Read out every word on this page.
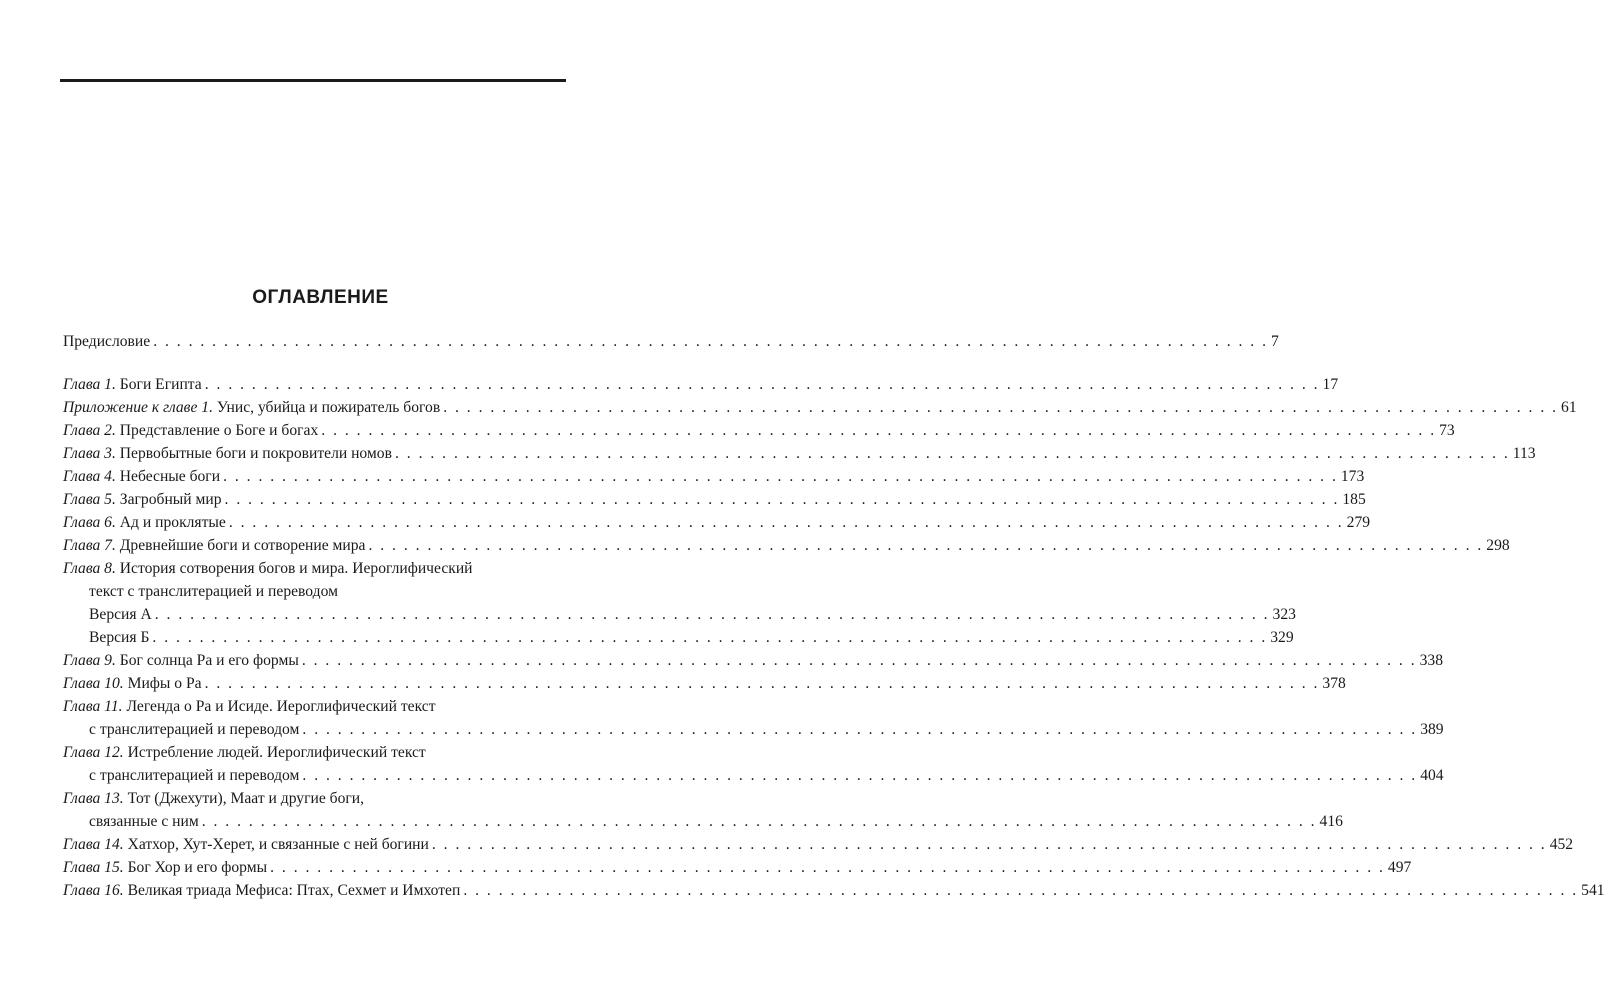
ОГЛАВЛЕНИЕ
Предисловие . . .	7
Глава 1. Боги Египта . . .	17
Приложение к главе 1. Унис, убийца и пожиратель богов . . .	61
Глава 2. Представление о Боге и богах . . .	73
Глава 3. Первобытные боги и покровители номов . . .	113
Глава 4. Небесные боги . . .	173
Глава 5. Загробный мир . . .	185
Глава 6. Ад и проклятые . . .	279
Глава 7. Древнейшие боги и сотворение мира . . .	298
Глава 8. История сотворения богов и мира. Иероглифический
текст с транслитерацией и переводом
Версия А . . .	323
Версия Б . . .	329
Глава 9. Бог солнца Ра и его формы . . .	338
Глава 10. Мифы о Ра . . .	378
Глава 11. Легенда о Ра и Исиде. Иероглифический текст
с транслитерацией и переводом . . .	389
Глава 12. Истребление людей. Иероглифический текст
с транслитерацией и переводом . . .	404
Глава 13. Тот (Джехути), Маат и другие боги,
связанные с ним . . .	416
Глава 14. Хатхор, Хут-Херет, и связанные с ней богини . . .	452
Глава 15. Бог Хор и его формы . . .	497
Глава 16. Великая триада Мефиса: Птах, Сехмет и Имхотеп . . .	541
